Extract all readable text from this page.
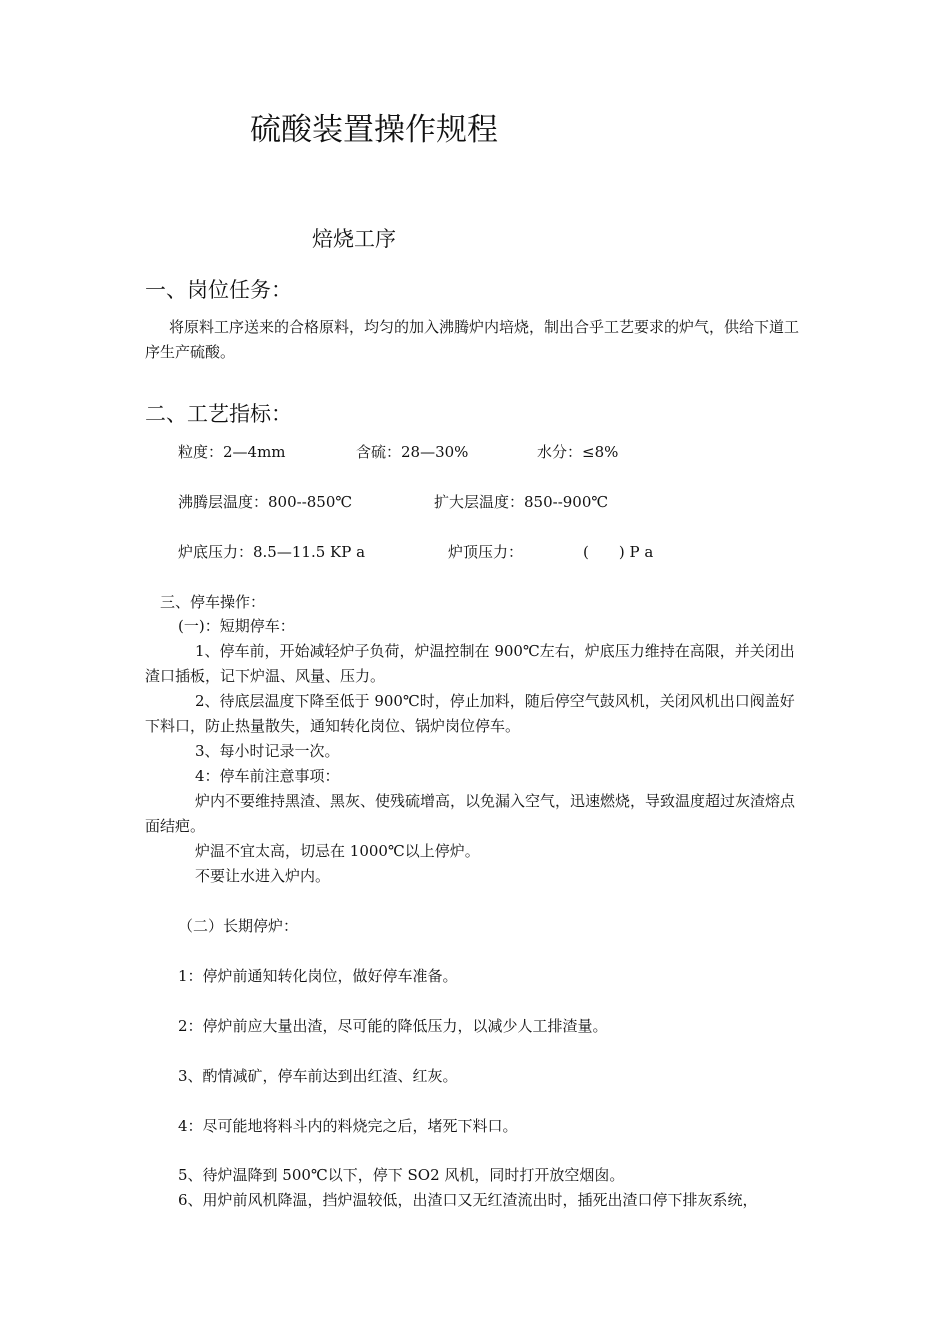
硫酸装置操作规程
焙烧工序
一、岗位任务：
将原料工序送来的合格原料，均匀的加入沸腾炉内培烧，制出合乎工艺要求的炉气，供给下道工序生产硫酸。
二、工艺指标：
粒度：2—4mm	含硫：28—30%	水分：≤8%
沸腾层温度：800--850℃	扩大层温度：850--900℃
炉底压力：8.5—11.5 KP a	炉顶压力：	(　　) P a
三、停车操作：
(一)：短期停车：
1、停车前，开始减轻炉子负荷，炉温控制在 900℃左右，炉底压力维持在高限，并关闭出渣口插板，记下炉温、风量、压力。
2、待底层温度下降至低于 900℃时，停止加料，随后停空气鼓风机，关闭风机出口阀盖好下料口，防止热量散失，通知转化岗位、锅炉岗位停车。
3、每小时记录一次。
4：停车前注意事项：
炉内不要维持黑渣、黑灰、使残硫增高，以免漏入空气，迅速燃烧，导致温度超过灰渣熔点面结疤。
炉温不宜太高，切忌在 1000℃以上停炉。
不要让水进入炉内。
（二）长期停炉：
1：停炉前通知转化岗位，做好停车准备。
2：停炉前应大量出渣，尽可能的降低压力，以减少人工排渣量。
3、酌情减矿，停车前达到出红渣、红灰。
4：尽可能地将料斗内的料烧完之后，堵死下料口。
5、待炉温降到 500℃以下，停下 SO2 风机，同时打开放空烟囱。
6、用炉前风机降温，挡炉温较低，出渣口又无红渣流出时，插死出渣口停下排灰系统，
